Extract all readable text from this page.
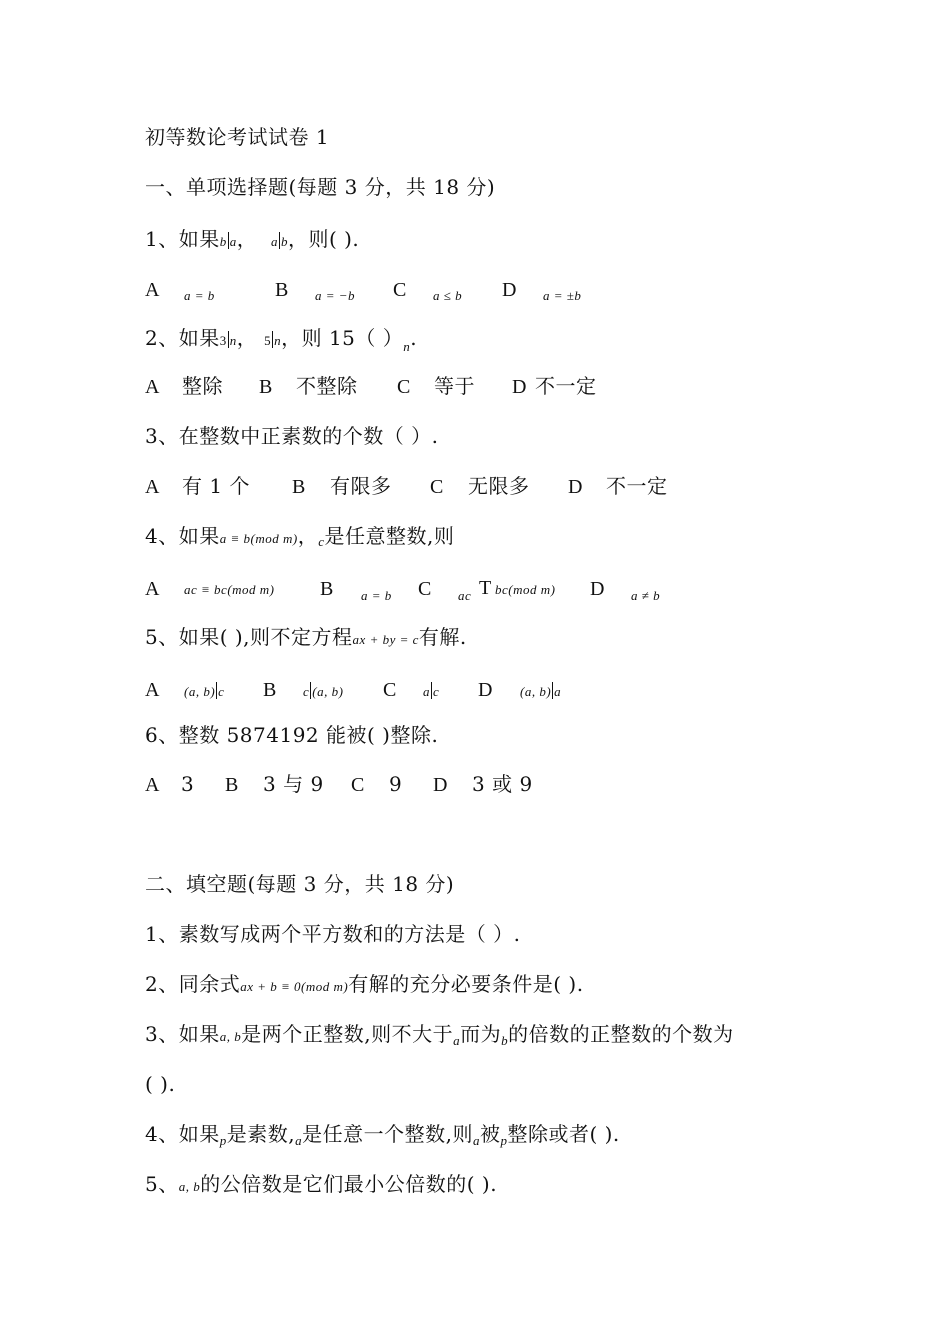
初等数论考试试卷 1
一、单项选择题(每题 3 分，共 18 分)
1、如果b a， a b，则( ).
A a = b	B a = −b C a ≤ b D a = ±b
2、如果3 n， 5 n，则 15（ ）$_n$.
A 整除 B 不整除 C 等于 D 不一定
3、在整数中正素数的个数（ ）.
A 有 1 个 B 有限多 C 无限多 D 不一定
4、如果a ≡ b(mod m)，c是任意整数,则
A ac ≡ bc(mod m) B a = b C ac T bc(mod m) D a ≠ b
5、如果( ),则不定方程ax + by = c有解.
A (a, b) c B c (a, b) C a c D (a, b) a
6、整数 5874192 能被( )整除.
A 3 B 3 与 9 C 9 D 3 或 9
二、填空题(每题 3 分，共 18 分)
1、素数写成两个平方数和的方法是（ ）.
2、同余式ax + b ≡ 0(mod m)有解的充分必要条件是( ).
3、如果a, b是两个正整数,则不大于$_a$而为$_b$的倍数的正整数的个数为
( ).
4、如果$_p$是素数$,_a$是任意一个整数,则$_a$被$_p$整除或者( ).
5、a, b的公倍数是它们最小公倍数的( ).
